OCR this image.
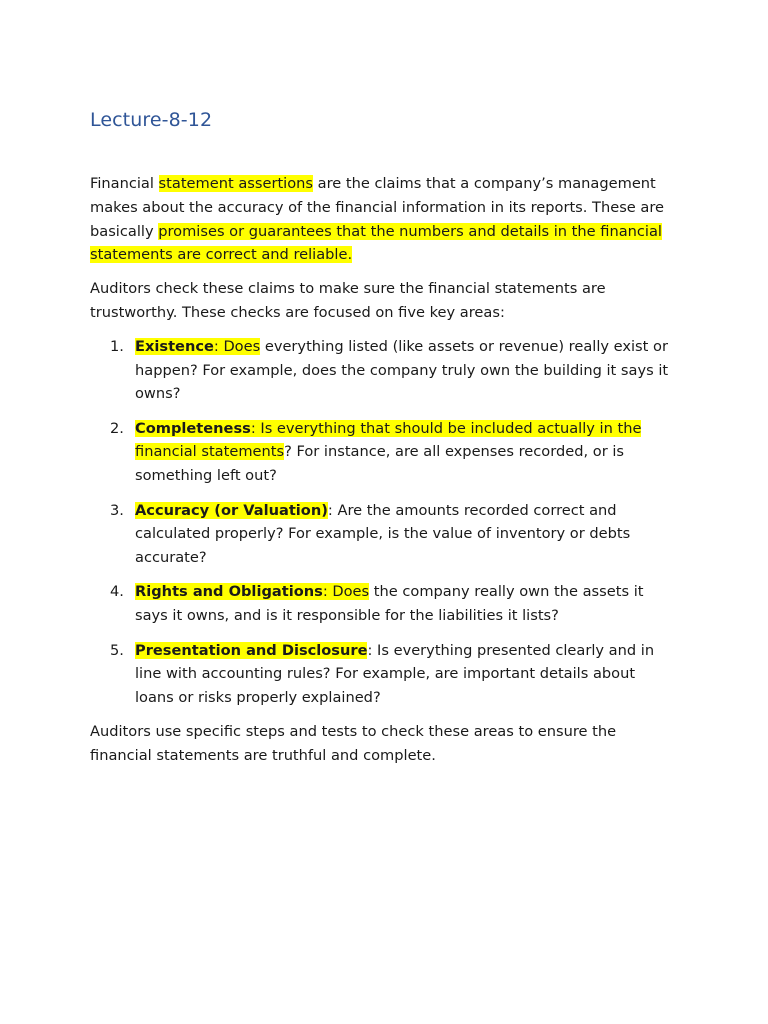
Lecture-8-12

Financial statement assertions are the claims that a company’s management makes about the accuracy of the financial information in its reports. These are basically promises or guarantees that the numbers and details in the financial statements are correct and reliable.

Auditors check these claims to make sure the financial statements are trustworthy. These checks are focused on five key areas:

1. Existence: Does everything listed (like assets or revenue) really exist or happen? For example, does the company truly own the building it says it owns?
2. Completeness: Is everything that should be included actually in the financial statements? For instance, are all expenses recorded, or is something left out?
3. Accuracy (or Valuation): Are the amounts recorded correct and calculated properly? For example, is the value of inventory or debts accurate?
4. Rights and Obligations: Does the company really own the assets it says it owns, and is it responsible for the liabilities it lists?
5. Presentation and Disclosure: Is everything presented clearly and in line with accounting rules? For example, are important details about loans or risks properly explained?

Auditors use specific steps and tests to check these areas to ensure the financial statements are truthful and complete.
